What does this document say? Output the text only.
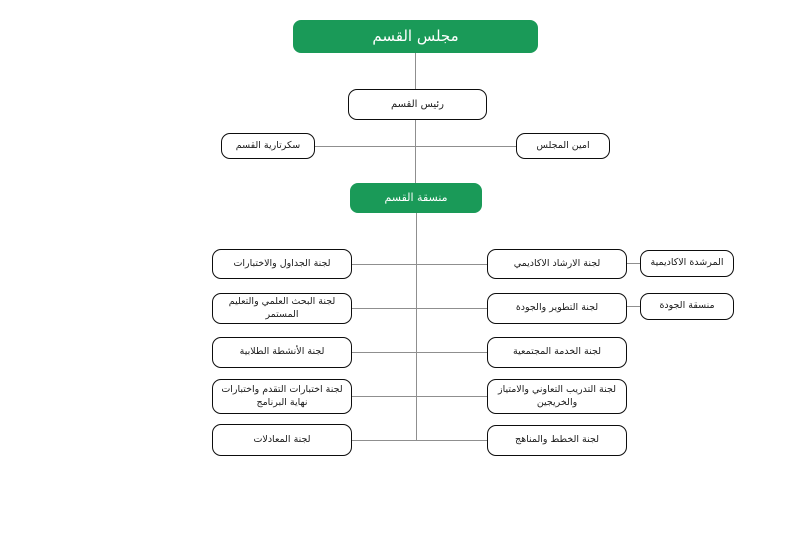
مجلس القسم
رئيس القسم
سكرتارية القسم	امين المجلس
منسقة القسم
لجنة الجداول والاختبارات
لجنة البحث العلمي والتعليم المستمر
لجنة الأنشطة الطلابية
لجنة اختبارات التقدم واختبارات نهاية البرنامج
لجنة المعادلات
لجنة الارشاد الاكاديمي
لجنة التطوير والجودة
لجنة الخدمة المجتمعية
لجنة التدريب التعاوني والامتياز والخريجين
لجنة الخطط والمناهج
المرشدة الاكاديمية
منسقة الجودة
